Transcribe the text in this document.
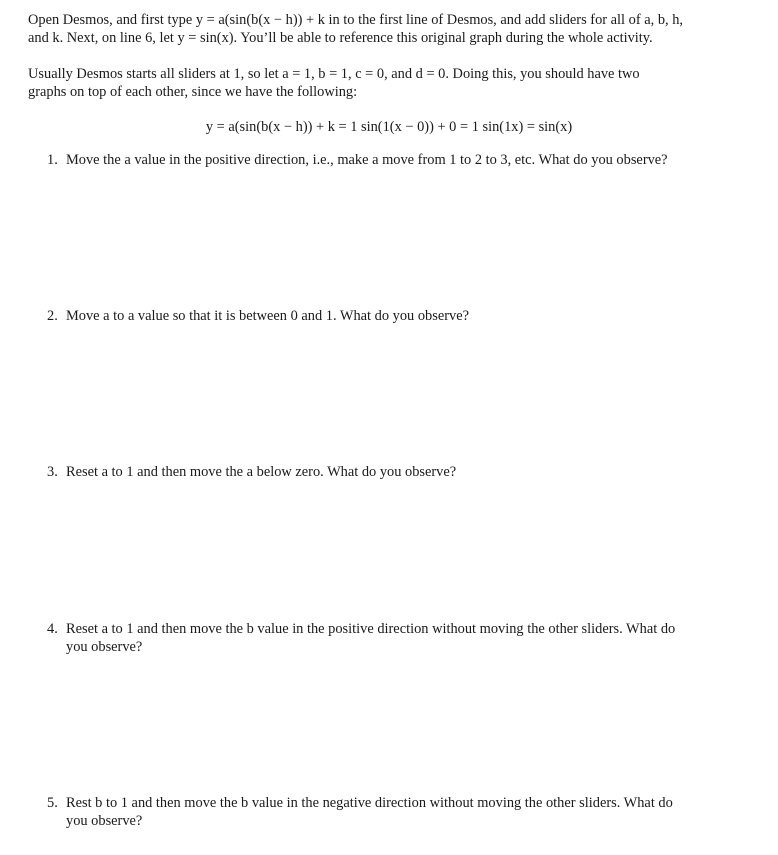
Open Desmos, and first type y = a(sin(b(x − h)) + k in to the first line of Desmos, and add sliders for all of a, b, h,
and k. Next, on line 6, let y = sin(x). You’ll be able to reference this original graph during the whole activity.

Usually Desmos starts all sliders at 1, so let a = 1, b = 1, c = 0, and d = 0. Doing this, you should have two
graphs on top of each other, since we have the following:

y = a(sin(b(x − h)) + k = 1 sin(1(x − 0)) + 0 = 1 sin(1x) = sin(x)

1. Move the a value in the positive direction, i.e., make a move from 1 to 2 to 3, etc. What do you observe?
2. Move a to a value so that it is between 0 and 1. What do you observe?
3. Reset a to 1 and then move the a below zero. What do you observe?
4. Reset a to 1 and then move the b value in the positive direction without moving the other sliders. What do
you observe?
5. Rest b to 1 and then move the b value in the negative direction without moving the other sliders. What do
you observe?
